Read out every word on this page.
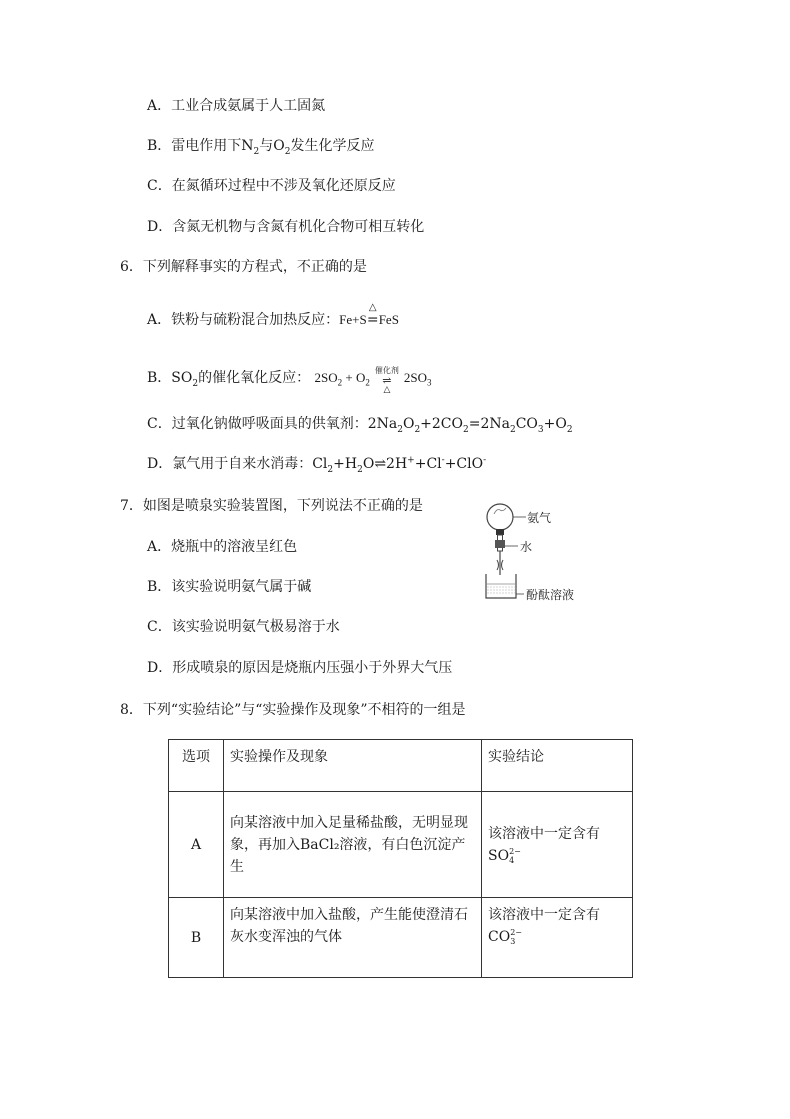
A．工业合成氨属于人工固氮
B．雷电作用下$N_2$与$O_2$发生化学反应
C．在氮循环过程中不涉及氧化还原反应
D．含氮无机物与含氮有机化合物可相互转化
6．下列解释事实的方程式，不正确的是
A．铁粉与硫粉混合加热反应：Fe+S
△
=FeS
B．$SO_2$的催化氧化反应： $2SO_2 + O_2$
催化剂
⇌
△
$2SO_3$
C．过氧化钠做呼吸面具的供氧剂：$2Na_2O_2+2CO_2=2Na_2CO_3+O_2$
D．氯气用于自来水消毒：$Cl_2+H_2O\rightleftharpoons 2H^++Cl^-+ClO^-$
7．如图是喷泉实验装置图，下列说法不正确的是
A．烧瓶中的溶液呈红色
B．该实验说明氨气属于碱
C．该实验说明氨气极易溶于水
D．形成喷泉的原因是烧瓶内压强小于外界大气压
氨气
水
酚酞溶液
8．下列“实验结论”与“实验操作及现象”不相符的一组是
选项	实验操作及现象	实验结论
A	向某溶液中加入足量稀盐酸，无明显现象，再加入BaCl₂溶液，有白色沉淀产生	该溶液中一定含有
SO2−
4
B	向某溶液中加入盐酸，产生能使澄清石灰水变浑浊的气体	该溶液中一定含有
CO2−
3
